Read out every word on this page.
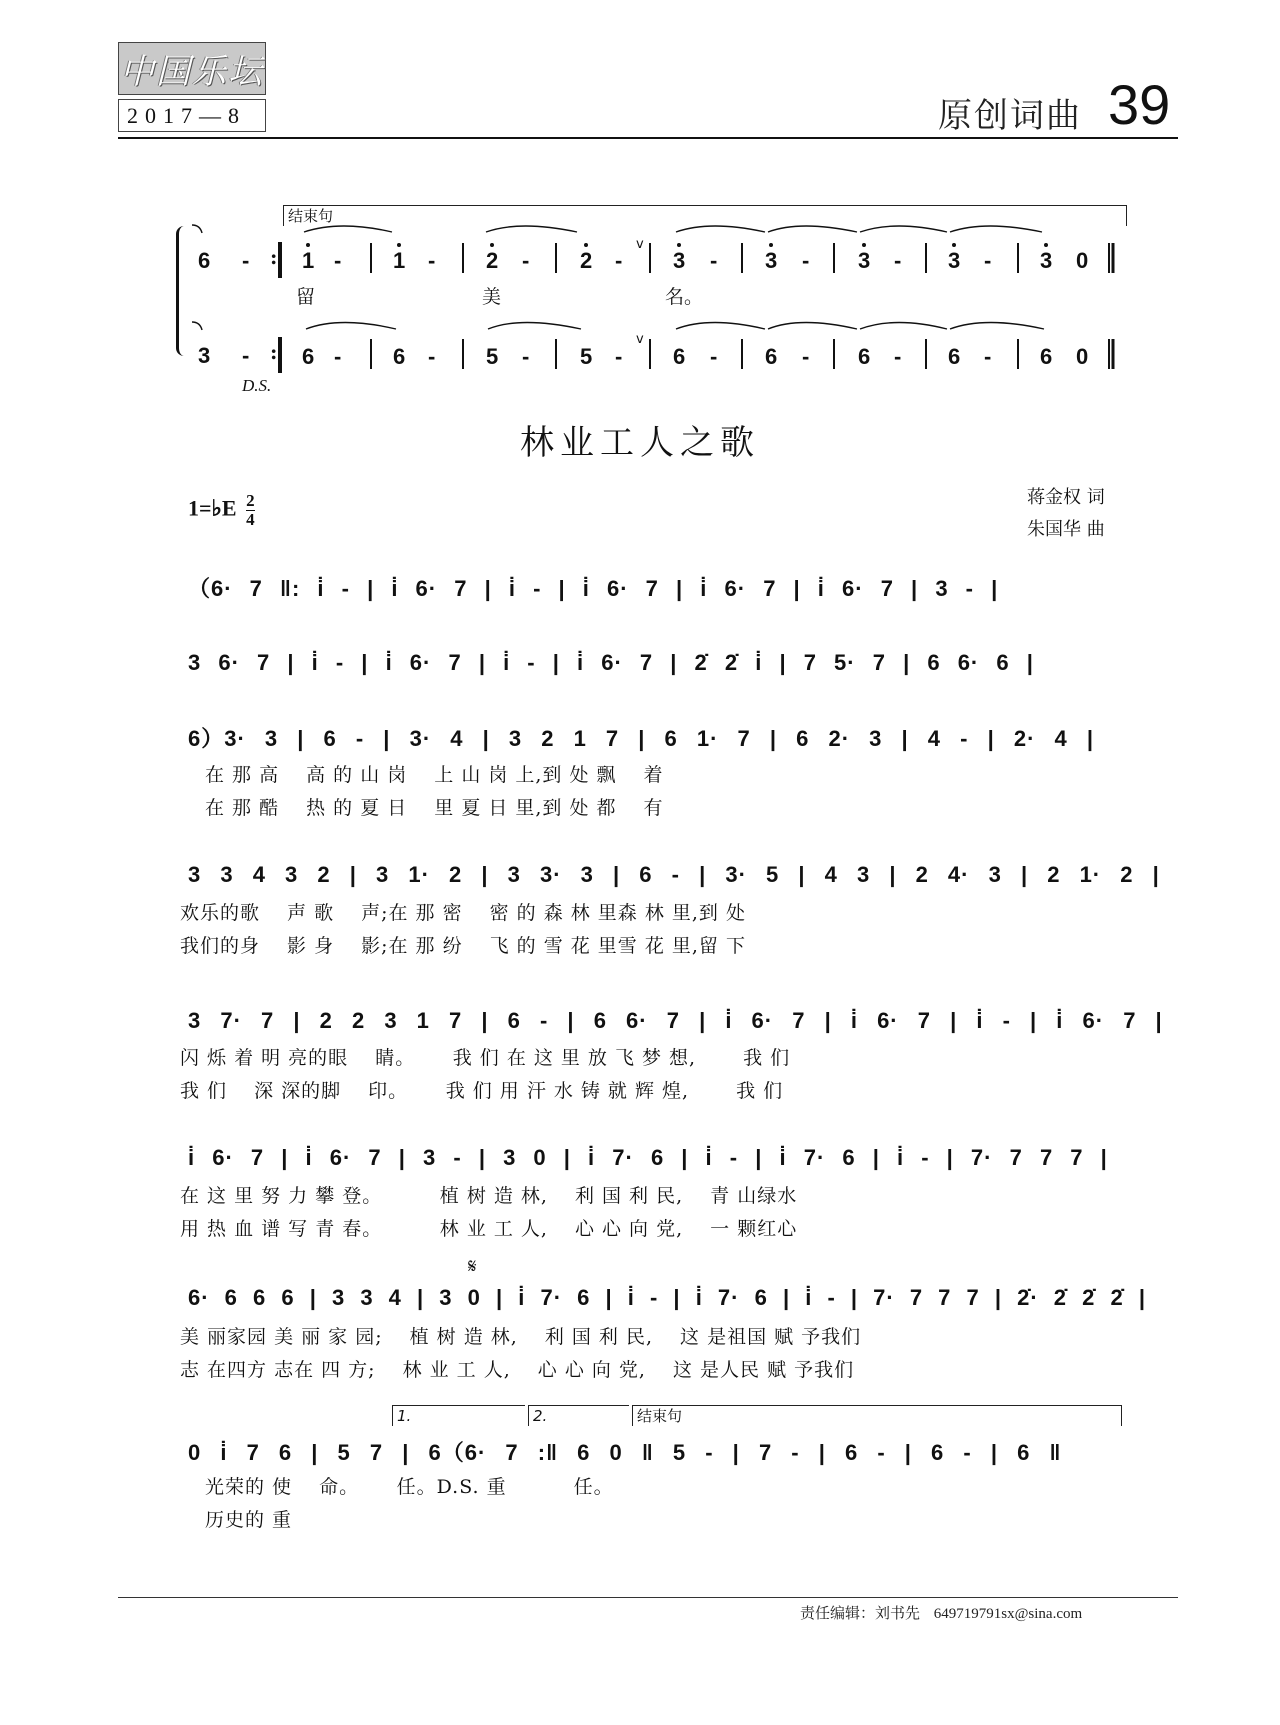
中国乐坛
2017—8	原创词曲 39
结束句
6 -
3 -
:
:
1 - 1 - 2 - 2 - 3 - 3 - 3 - 3 - 3 0
6 - 6 - 5 - 5 - 6 - 6 - 6 - 6 - 6 0
v
v
留	美	名。
D.S.
林业工人之歌
1=♭E $\frac{2}{4}$	蒋金权 词
朱国华 曲
（6· 7 ‖: i̇ - | i̇ 6· 7 | i̇ - | i̇ 6· 7 | i̇ 6· 7 | i̇ 6· 7 | 3 - |
3 6· 7 | i̇ - | i̇ 6· 7 | i̇ - | i̇ 6· 7 | 2̇ 2̇ i̇ | 7 5· 7 | 6 6· 6 |
6）3· 3 | 6 - | 3· 4 | 3 2 1 7 | 6 1· 7 | 6 2· 3 | 4 - | 2· 4 |
在 那 高　 高 的 山 岗　 上 山 岗 上,到 处 飘　 着
在 那 酷　 热 的 夏 日　 里 夏 日 里,到 处 都　 有
3 3 4 3 2 | 3 1· 2 | 3 3· 3 | 6 - | 3· 5 | 4 3 | 2 4· 3 | 2 1· 2 |
欢乐的歌　 声 歌　 声;在 那 密　 密 的 森 林 里森 林 里,到 处
我们的身　 影 身　 影;在 那 纷　 飞 的 雪 花 里雪 花 里,留 下
3 7· 7 | 2 2 3 1 7 | 6 - | 6 6· 7 | i̇ 6· 7 | i̇ 6· 7 | i̇ - | i̇ 6· 7 |
闪 烁 着 明 亮的眼　 睛。　　 我 们 在 这 里 放 飞 梦 想,　　 我 们
我 们　 深 深的脚　 印。　　 我 们 用 汗 水 铸 就 辉 煌,　　 我 们
i̇ 6· 7 | i̇ 6· 7 | 3 - | 3 0 | i̇ 7· 6 | i̇ - | i̇ 7· 6 | i̇ - | 7· 7 7 7 |
在 这 里 努 力 攀 登。　　　 植 树 造 林,　 利 国 利 民,　 青 山绿水
用 热 血 谱 写 青 春。　　　 林 业 工 人,　 心 心 向 党,　 一 颗红心
𝄋
6· 6 6 6 | 3 3 4 | 3 0 | i̇ 7· 6 | i̇ - | i̇ 7· 6 | i̇ - | 7· 7 7 7 | 2̇· 2̇ 2̇ 2̇ |
美 丽家园 美 丽 家 园;　 植 树 造 林,　 利 国 利 民,　 这 是祖国 赋 予我们
志 在四方 志在 四 方;　 林 业 工 人,　 心 心 向 党,　 这 是人民 赋 予我们
1.	2.	结束句
0 i̇ 7 6 | 5 7 | 6（6· 7 :‖ 6 0 ‖ 5 - | 7 - | 6 - | 6 - | 6 ‖
光荣的 使　 命。　　 任。D.S. 重　　　 任。
历史的 重
责任编辑：刘书先 649719791sx@sina.com
